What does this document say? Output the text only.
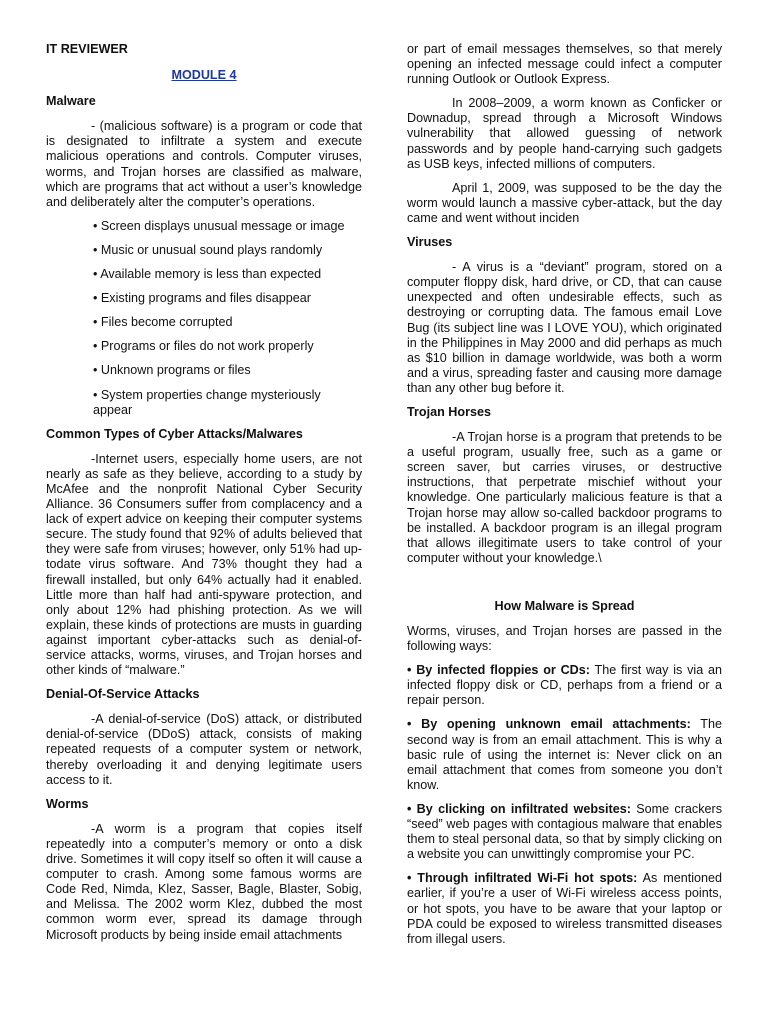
IT REVIEWER
MODULE 4
Malware

- (malicious software) is a program or code that is designated to infiltrate a system and execute malicious operations and controls. Computer viruses, worms, and Trojan horses are classified as malware, which are programs that act without a user’s knowledge and deliberately alter the computer’s operations.

• Screen displays unusual message or image
• Music or unusual sound plays randomly
• Available memory is less than expected
• Existing programs and files disappear
• Files become corrupted
• Programs or files do not work properly
• Unknown programs or files
• System properties change mysteriously appear
Common Types of Cyber Attacks/Malwares

-Internet users, especially home users, are not nearly as safe as they believe, according to a study by McAfee and the nonprofit National Cyber Security Alliance. 36 Consumers suffer from complacency and a lack of expert advice on keeping their computer systems secure. The study found that 92% of adults believed that they were safe from viruses; however, only 51% had up-todate virus software. And 73% thought they had a firewall installed, but only 64% actually had it enabled. Little more than half had anti-spyware protection, and only about 12% had phishing protection. As we will explain, these kinds of protections are musts in guarding against important cyber-attacks such as denial-of-service attacks, worms, viruses, and Trojan horses and other kinds of “malware.”

Denial-Of-Service Attacks

-A denial-of-service (DoS) attack, or distributed denial-of-service (DDoS) attack, consists of making repeated requests of a computer system or network, thereby overloading it and denying legitimate users access to it.

Worms

-A worm is a program that copies itself repeatedly into a computer’s memory or onto a disk drive. Sometimes it will copy itself so often it will cause a computer to crash. Among some famous worms are Code Red, Nimda, Klez, Sasser, Bagle, Blaster, Sobig, and Melissa. The 2002 worm Klez, dubbed the most common worm ever, spread its damage through Microsoft products by being inside email attachments

or part of email messages themselves, so that merely opening an infected message could infect a computer running Outlook or Outlook Express.

In 2008–2009, a worm known as Conficker or Downadup, spread through a Microsoft Windows vulnerability that allowed guessing of network passwords and by people hand-carrying such gadgets as USB keys, infected millions of computers.

April 1, 2009, was supposed to be the day the worm would launch a massive cyber-attack, but the day came and went without inciden

Viruses

- A virus is a “deviant” program, stored on a computer floppy disk, hard drive, or CD, that can cause unexpected and often undesirable effects, such as destroying or corrupting data. The famous email Love Bug (its subject line was I LOVE YOU), which originated in the Philippines in May 2000 and did perhaps as much as $10 billion in damage worldwide, was both a worm and a virus, spreading faster and causing more damage than any other bug before it.

Trojan Horses

-A Trojan horse is a program that pretends to be a useful program, usually free, such as a game or screen saver, but carries viruses, or destructive instructions, that perpetrate mischief without your knowledge. One particularly malicious feature is that a Trojan horse may allow so-called backdoor programs to be installed. A backdoor program is an illegal program that allows illegitimate users to take control of your computer without your knowledge.\

How Malware is Spread

Worms, viruses, and Trojan horses are passed in the following ways:

• By infected floppies or CDs: The first way is via an infected floppy disk or CD, perhaps from a friend or a repair person.

• By opening unknown email attachments: The second way is from an email attachment. This is why a basic rule of using the internet is: Never click on an email attachment that comes from someone you don’t know.

• By clicking on infiltrated websites: Some crackers “seed” web pages with contagious malware that enables them to steal personal data, so that by simply clicking on a website you can unwittingly compromise your PC.

• Through infiltrated Wi-Fi hot spots: As mentioned earlier, if you’re a user of Wi-Fi wireless access points, or hot spots, you have to be aware that your laptop or PDA could be exposed to wireless transmitted diseases from illegal users.
